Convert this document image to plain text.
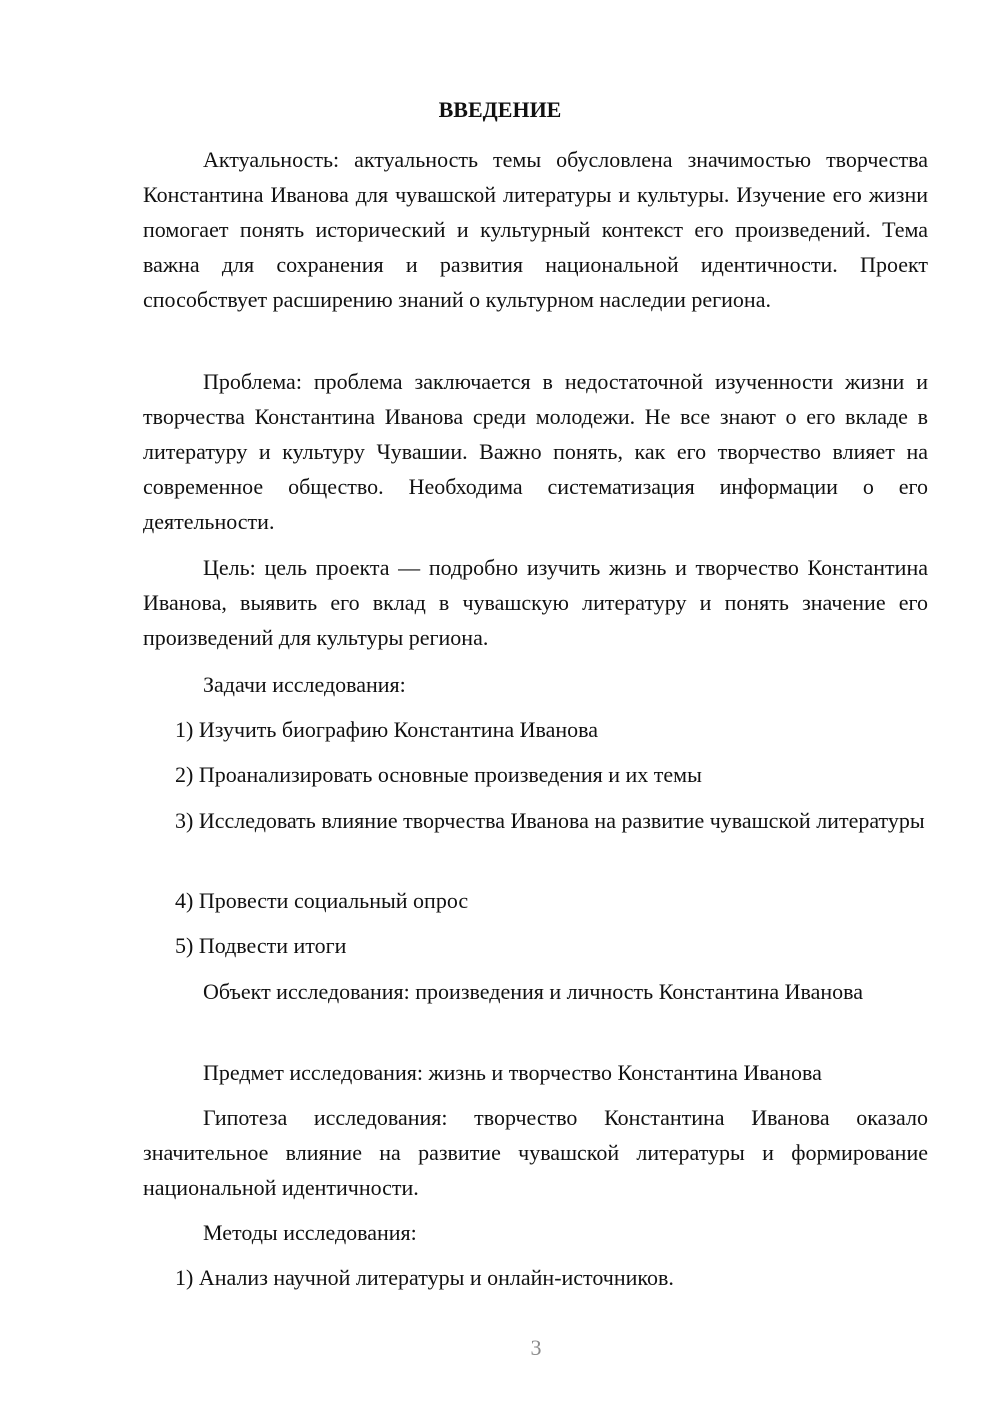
ВВЕДЕНИЕ

Актуальность: актуальность темы обусловлена значимостью творчества Константина Иванова для чувашской литературы и культуры. Изучение его жизни помогает понять исторический и культурный контекст его произведений. Тема важна для сохранения и развития национальной идентичности. Проект способствует расширению знаний о культурном наследии региона.

Проблема: проблема заключается в недостаточной изученности жизни и творчества Константина Иванова среди молодежи. Не все знают о его вкладе в литературу и культуру Чувашии. Важно понять, как его творчество влияет на современное общество. Необходима систематизация информации о его деятельности.

Цель: цель проекта — подробно изучить жизнь и творчество Константина Иванова, выявить его вклад в чувашскую литературу и понять значение его произведений для культуры региона.

Задачи исследования:

1) Изучить биографию Константина Иванова

2) Проанализировать основные произведения и их темы

3) Исследовать влияние творчества Иванова на развитие чувашской литературы

4) Провести социальный опрос

5) Подвести итоги

Объект исследования: произведения и личность Константина Иванова

Предмет исследования: жизнь и творчество Константина Иванова

Гипотеза исследования: творчество Константина Иванова оказало значительное влияние на развитие чувашской литературы и формирование национальной идентичности.

Методы исследования:

1) Анализ научной литературы и онлайн-источников.

3
